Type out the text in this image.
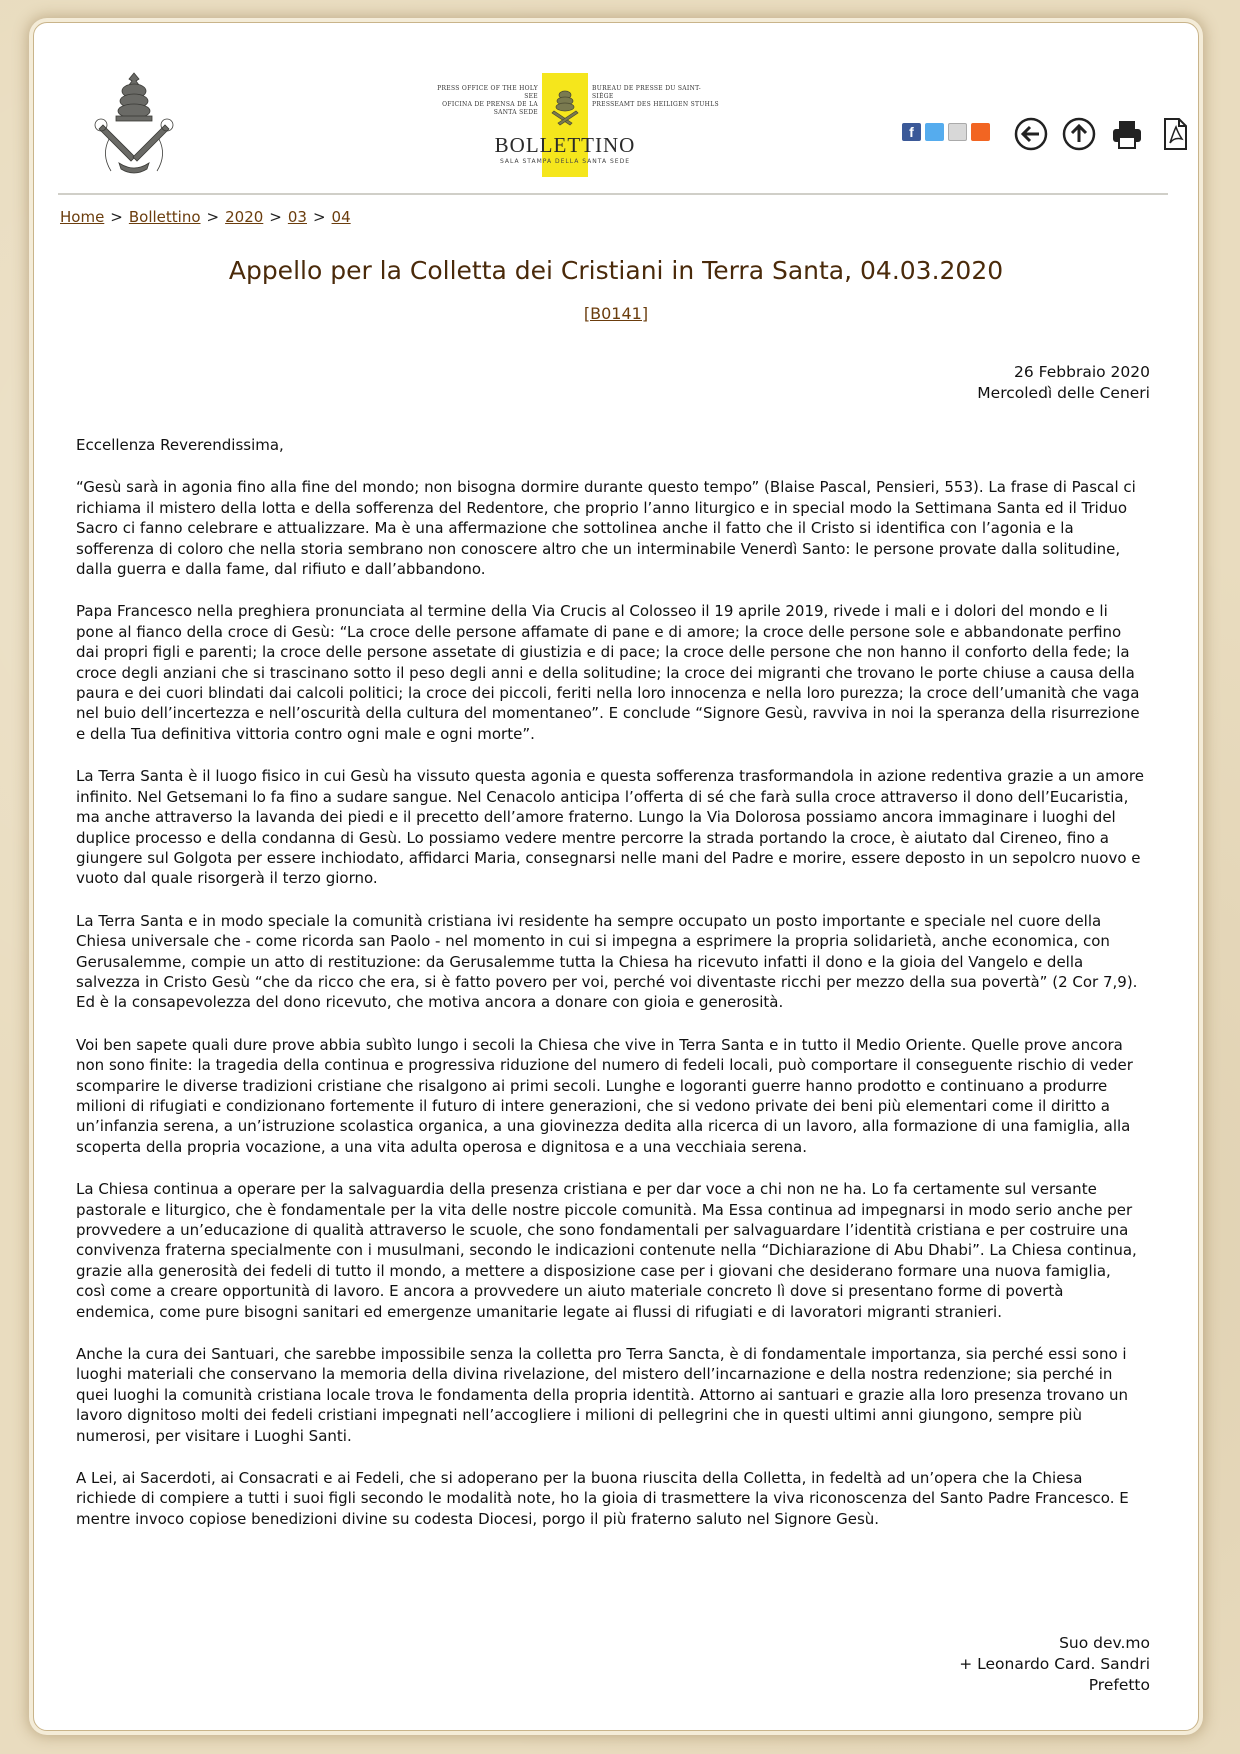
PRESS OFFICE OF THE HOLY SEE
OFICINA DE PRENSA DE LA SANTA SEDE
BUREAU DE PRESSE DU SAINT-SIÈGE
PRESSEAMT DES HEILIGEN STUHLS
BOLLETTINO
SALA STAMPA DELLA SANTA SEDE
f
Home > Bollettino > 2020 > 03 > 04
Appello per la Colletta dei Cristiani in Terra Santa, 04.03.2020
[B0141]
26 Febbraio 2020
Mercoledì delle Ceneri

Eccellenza Reverendissima,

“Gesù sarà in agonia fino alla fine del mondo; non bisogna dormire durante questo tempo” (Blaise Pascal, Pensieri, 553). La frase di Pascal ci richiama il mistero della lotta e della sofferenza del Redentore, che proprio l’anno liturgico e in special modo la Settimana Santa ed il Triduo Sacro ci fanno celebrare e attualizzare. Ma è una affermazione che sottolinea anche il fatto che il Cristo si identifica con l’agonia e la sofferenza di coloro che nella storia sembrano non conoscere altro che un interminabile Venerdì Santo: le persone provate dalla solitudine, dalla guerra e dalla fame, dal rifiuto e dall’abbandono.

Papa Francesco nella preghiera pronunciata al termine della Via Crucis al Colosseo il 19 aprile 2019, rivede i mali e i dolori del mondo e li pone al fianco della croce di Gesù: “La croce delle persone affamate di pane e di amore; la croce delle persone sole e abbandonate perfino dai propri figli e parenti; la croce delle persone assetate di giustizia e di pace; la croce delle persone che non hanno il conforto della fede; la croce degli anziani che si trascinano sotto il peso degli anni e della solitudine; la croce dei migranti che trovano le porte chiuse a causa della paura e dei cuori blindati dai calcoli politici; la croce dei piccoli, feriti nella loro innocenza e nella loro purezza; la croce dell’umanità che vaga nel buio dell’incertezza e nell’oscurità della cultura del momentaneo”. E conclude “Signore Gesù, ravviva in noi la speranza della risurrezione e della Tua definitiva vittoria contro ogni male e ogni morte”.

La Terra Santa è il luogo fisico in cui Gesù ha vissuto questa agonia e questa sofferenza trasformandola in azione redentiva grazie a un amore infinito. Nel Getsemani lo fa fino a sudare sangue. Nel Cenacolo anticipa l’offerta di sé che farà sulla croce attraverso il dono dell’Eucaristia, ma anche attraverso la lavanda dei piedi e il precetto dell’amore fraterno. Lungo la Via Dolorosa possiamo ancora immaginare i luoghi del duplice processo e della condanna di Gesù. Lo possiamo vedere mentre percorre la strada portando la croce, è aiutato dal Cireneo, fino a giungere sul Golgota per essere inchiodato, affidarci Maria, consegnarsi nelle mani del Padre e morire, essere deposto in un sepolcro nuovo e vuoto dal quale risorgerà il terzo giorno.

La Terra Santa e in modo speciale la comunità cristiana ivi residente ha sempre occupato un posto importante e speciale nel cuore della Chiesa universale che - come ricorda san Paolo - nel momento in cui si impegna a esprimere la propria solidarietà, anche economica, con Gerusalemme, compie un atto di restituzione: da Gerusalemme tutta la Chiesa ha ricevuto infatti il dono e la gioia del Vangelo e della salvezza in Cristo Gesù “che da ricco che era, si è fatto povero per voi, perché voi diventaste ricchi per mezzo della sua povertà” (2 Cor 7,9). Ed è la consapevolezza del dono ricevuto, che motiva ancora a donare con gioia e generosità.

Voi ben sapete quali dure prove abbia subìto lungo i secoli la Chiesa che vive in Terra Santa e in tutto il Medio Oriente. Quelle prove ancora non sono finite: la tragedia della continua e progressiva riduzione del numero di fedeli locali, può comportare il conseguente rischio di veder scomparire le diverse tradizioni cristiane che risalgono ai primi secoli. Lunghe e logoranti guerre hanno prodotto e continuano a produrre milioni di rifugiati e condizionano fortemente il futuro di intere generazioni, che si vedono private dei beni più elementari come il diritto a un’infanzia serena, a un’istruzione scolastica organica, a una giovinezza dedita alla ricerca di un lavoro, alla formazione di una famiglia, alla scoperta della propria vocazione, a una vita adulta operosa e dignitosa e a una vecchiaia serena.

La Chiesa continua a operare per la salvaguardia della presenza cristiana e per dar voce a chi non ne ha. Lo fa certamente sul versante pastorale e liturgico, che è fondamentale per la vita delle nostre piccole comunità. Ma Essa continua ad impegnarsi in modo serio anche per provvedere a un’educazione di qualità attraverso le scuole, che sono fondamentali per salvaguardare l’identità cristiana e per costruire una convivenza fraterna specialmente con i musulmani, secondo le indicazioni contenute nella “Dichiarazione di Abu Dhabi”. La Chiesa continua, grazie alla generosità dei fedeli di tutto il mondo, a mettere a disposizione case per i giovani che desiderano formare una nuova famiglia, così come a creare opportunità di lavoro. E ancora a provvedere un aiuto materiale concreto lì dove si presentano forme di povertà endemica, come pure bisogni sanitari ed emergenze umanitarie legate ai flussi di rifugiati e di lavoratori migranti stranieri.

Anche la cura dei Santuari, che sarebbe impossibile senza la colletta pro Terra Sancta, è di fondamentale importanza, sia perché essi sono i luoghi materiali che conservano la memoria della divina rivelazione, del mistero dell’incarnazione e della nostra redenzione; sia perché in quei luoghi la comunità cristiana locale trova le fondamenta della propria identità. Attorno ai santuari e grazie alla loro presenza trovano un lavoro dignitoso molti dei fedeli cristiani impegnati nell’accogliere i milioni di pellegrini che in questi ultimi anni giungono, sempre più numerosi, per visitare i Luoghi Santi.

A Lei, ai Sacerdoti, ai Consacrati e ai Fedeli, che si adoperano per la buona riuscita della Colletta, in fedeltà ad un’opera che la Chiesa richiede di compiere a tutti i suoi figli secondo le modalità note, ho la gioia di trasmettere la viva riconoscenza del Santo Padre Francesco. E mentre invoco copiose benedizioni divine su codesta Diocesi, porgo il più fraterno saluto nel Signore Gesù.

Suo dev.mo
+ Leonardo Card. Sandri
Prefetto
